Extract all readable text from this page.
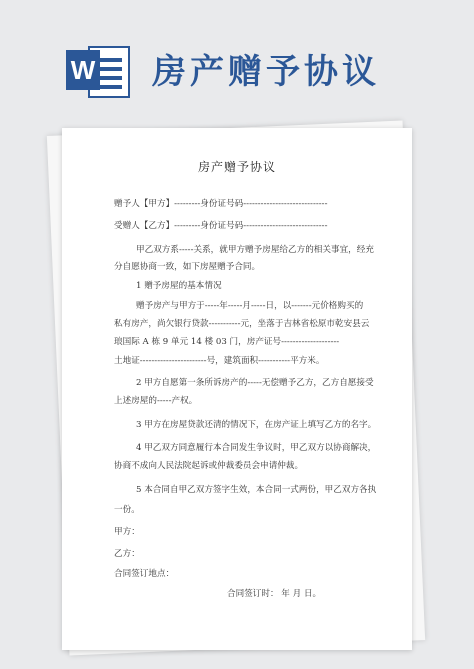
W 房产赠予协议
房产赠予协议
赠予人【甲方】---------身份证号码-----------------------------
受赠人【乙方】---------身份证号码-----------------------------
甲乙双方系-----关系，就甲方赠予房屋给乙方的相关事宜，经充
分自愿协商一致，如下房屋赠予合同。
1 赠予房屋的基本情况
赠予房产与甲方于-----年-----月-----日，以-------元价格购买的
私有房产，尚欠银行贷款-----------元，坐落于吉林省松原市乾安县云
琅国际 A 栋 9 单元 14 楼 03 门，房产证号--------------------
土地证-----------------------号，建筑面积-----------平方米。
2 甲方自愿第一条所诉房产的-----无偿赠予乙方，乙方自愿接受
上述房屋的-----产权。
3 甲方在房屋贷款还清的情况下，在房产证上填写乙方的名字。
4 甲乙双方同意履行本合同发生争议时，甲乙双方以协商解决，
协商不成向人民法院起诉或仲裁委员会申请仲裁。
5 本合同自甲乙双方签字生效，本合同一式两份，甲乙双方各执
一份。
甲方：
乙方：
合同签订地点：
合同签订时： 年 月 日。
